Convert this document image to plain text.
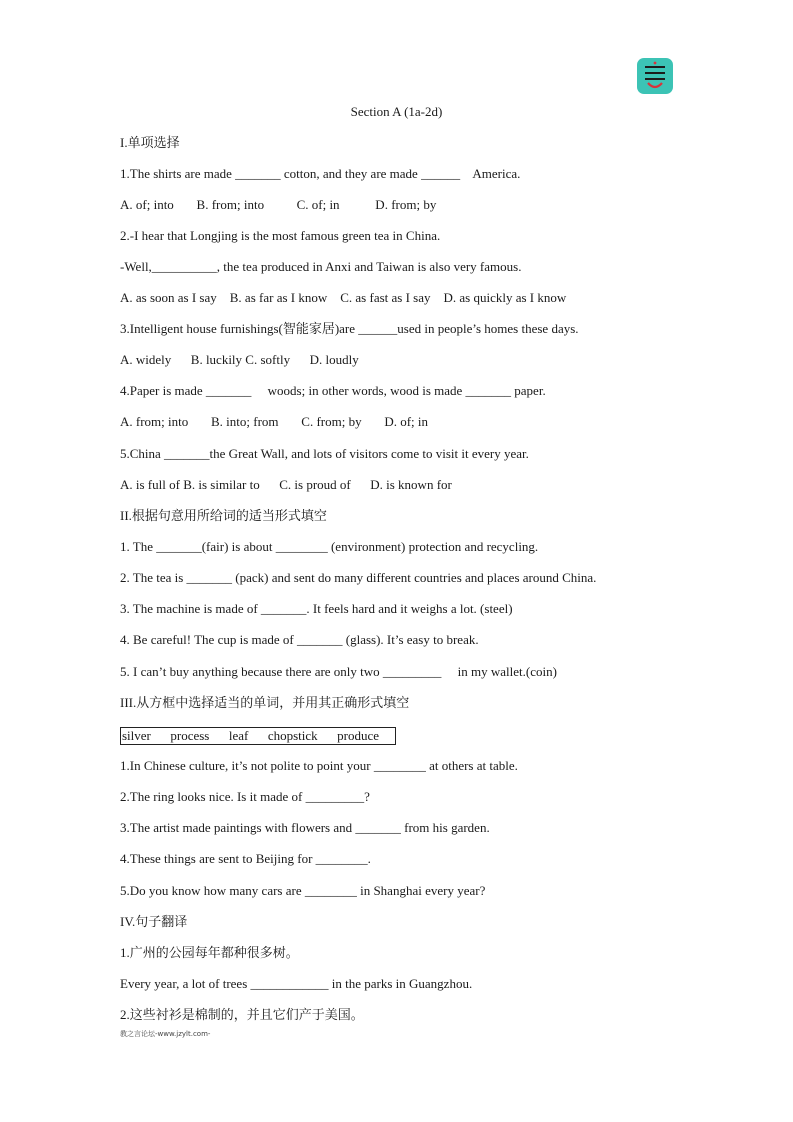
Section A (1a-2d)
I.单项选择
1.The shirts are made _______ cotton, and they are made ______    America.
A. of; into       B. from; into          C. of; in           D. from; by
2.-I hear that Longjing is the most famous green tea in China.
-Well,__________, the tea produced in Anxi and Taiwan is also very famous.
A. as soon as I say    B. as far as I know    C. as fast as I say    D. as quickly as I know
3.Intelligent house furnishings(智能家居)are ______used in people’s homes these days.
A. widely      B. luckily C. softly      D. loudly
4.Paper is made _______     woods; in other words, wood is made _______ paper.
A. from; into       B. into; from       C. from; by       D. of; in
5.China _______the Great Wall, and lots of visitors come to visit it every year.
A. is full of B. is similar to      C. is proud of      D. is known for
II.根据句意用所给词的适当形式填空
1. The _______(fair) is about ________ (environment) protection and recycling.
2. The tea is _______ (pack) and sent do many different countries and places around China.
3. The machine is made of _______. It feels hard and it weighs a lot. (steel)
4. Be careful! The cup is made of _______ (glass). It’s easy to break.
5. I can’t buy anything because there are only two _________     in my wallet.(coin)
III.从方框中选择适当的单词，并用其正确形式填空
silver      process      leaf      chopstick      produce
1.In Chinese culture, it’s not polite to point your ________ at others at table.
2.The ring looks nice. Is it made of _________?
3.The artist made paintings with flowers and _______ from his garden.
4.These things are sent to Beijing for ________.
5.Do you know how many cars are ________ in Shanghai every year?
IV.句子翻译
1.广州的公园每年都种很多树。
Every year, a lot of trees ____________ in the parks in Guangzhou.
2.这些衬衫是棉制的，并且它们产于美国。
教之言论坛-www.jzylt.com-
